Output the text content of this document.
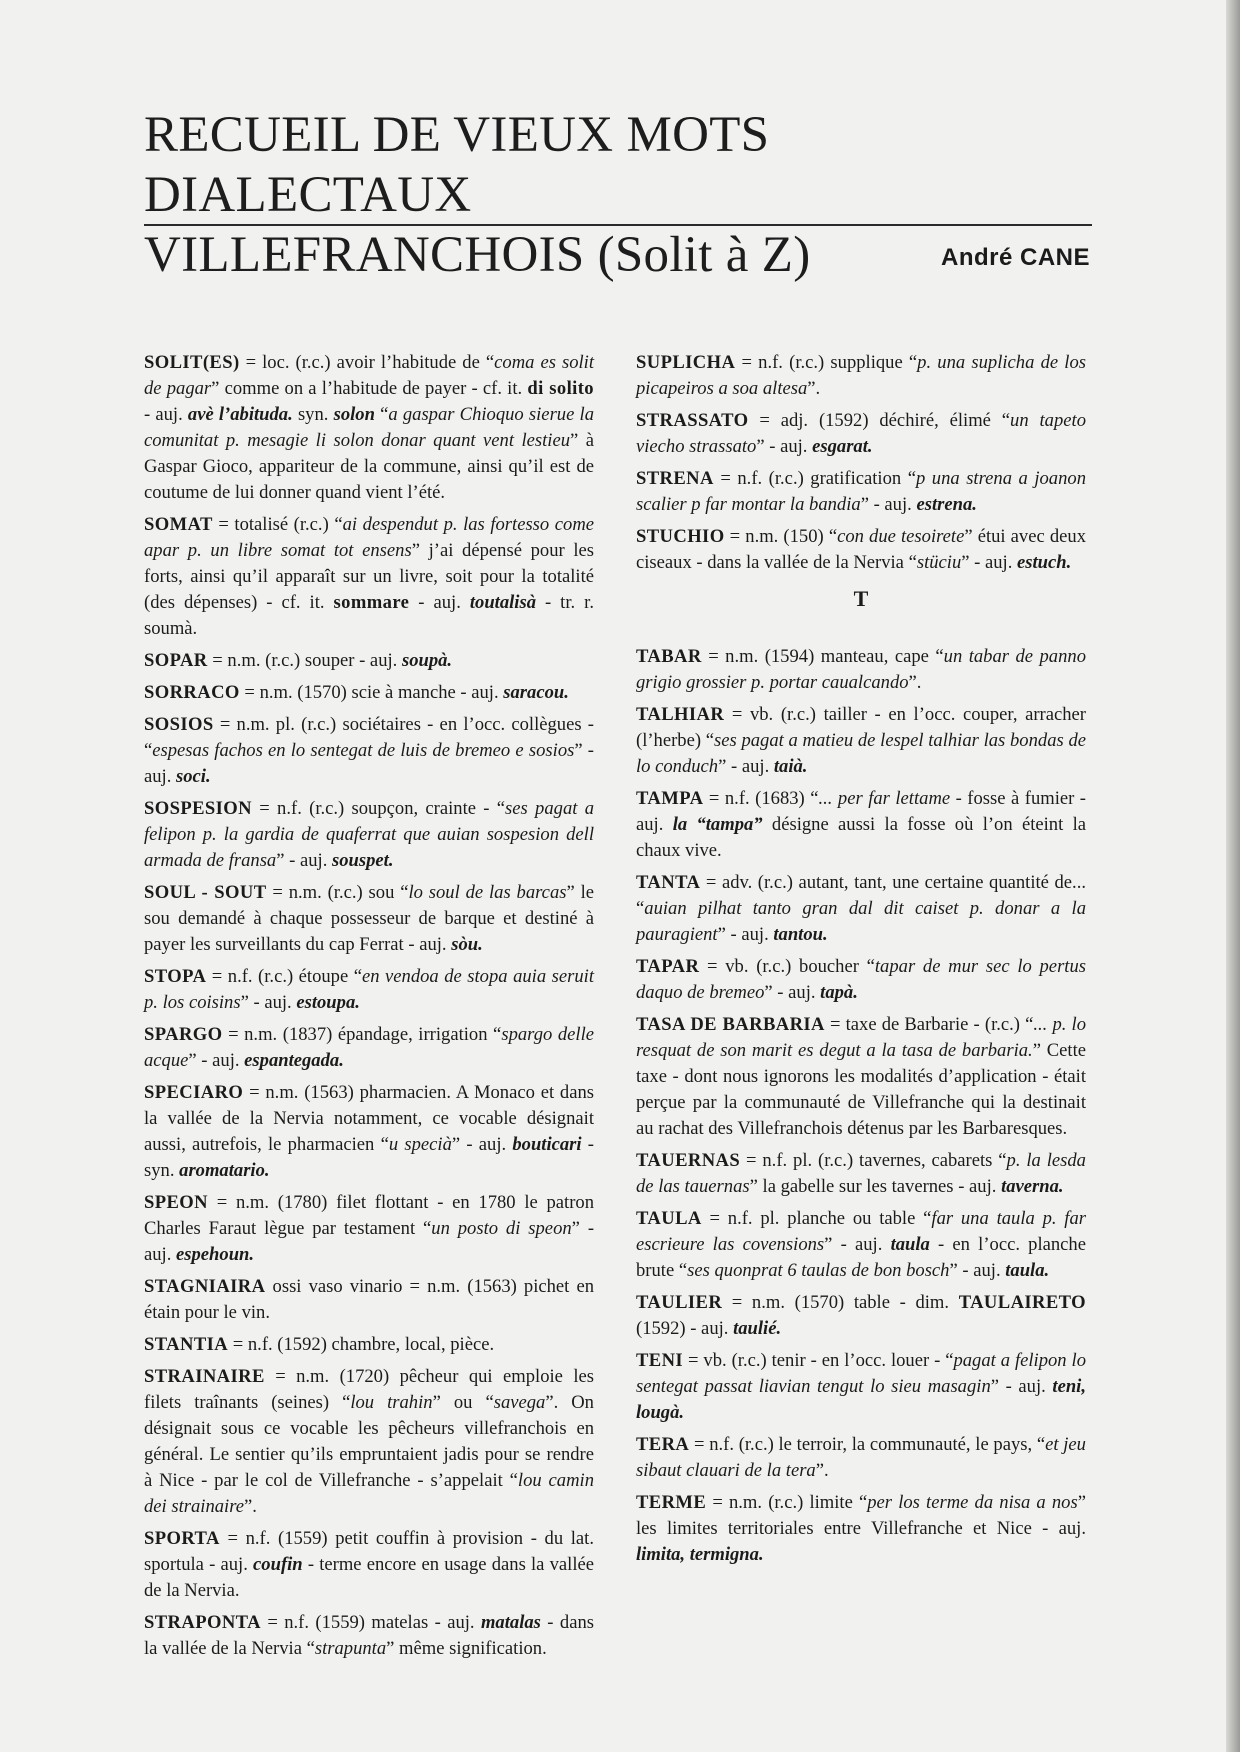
RECUEIL DE VIEUX MOTS DIALECTAUX
VILLEFRANCHOIS (Solit à Z)	André CANE

SOLIT(ES) = loc. (r.c.) avoir l’habitude de “coma es solit de pagar” comme on a l’habitude de payer - cf. it. di solito - auj. avè l’abituda. syn. solon “a gaspar Chioquo sierue la comunitat p. mesagie li solon donar quant vent lestieu” à Gaspar Gioco, appariteur de la commune, ainsi qu’il est de coutume de lui donner quand vient l’été.

SOMAT = totalisé (r.c.) “ai despendut p. las fortesso come apar p. un libre somat tot ensens” j’ai dépensé pour les forts, ainsi qu’il apparaît sur un livre, soit pour la totalité (des dépenses) - cf. it. sommare - auj. toutalisà - tr. r. soumà.

SOPAR = n.m. (r.c.) souper - auj. soupà.

SORRACO = n.m. (1570) scie à manche - auj. saracou.

SOSIOS = n.m. pl. (r.c.) sociétaires - en l’occ. collègues - “espesas fachos en lo sentegat de luis de bremeo e sosios” - auj. soci.

SOSPESION = n.f. (r.c.) soupçon, crainte - “ses pagat a felipon p. la gardia de quaferrat que auian sospesion dell armada de fransa” - auj. souspet.

SOUL - SOUT = n.m. (r.c.) sou “lo soul de las barcas” le sou demandé à chaque possesseur de barque et destiné à payer les surveillants du cap Ferrat - auj. sòu.

STOPA = n.f. (r.c.) étoupe “en vendoa de stopa auia seruit p. los coisins” - auj. estoupa.

SPARGO = n.m. (1837) épandage, irrigation “spargo delle acque” - auj. espantegada.

SPECIARO = n.m. (1563) pharmacien. A Monaco et dans la vallée de la Nervia notamment, ce vocable désignait aussi, autrefois, le pharmacien “u specià” - auj. bouticari - syn. aromatario.

SPEON = n.m. (1780) filet flottant - en 1780 le patron Charles Faraut lègue par testament “un posto di speon” - auj. espehoun.

STAGNIAIRA ossi vaso vinario = n.m. (1563) pichet en étain pour le vin.

STANTIA = n.f. (1592) chambre, local, pièce.

STRAINAIRE = n.m. (1720) pêcheur qui emploie les filets traînants (seines) “lou trahin” ou “savega”. On désignait sous ce vocable les pêcheurs villefranchois en général. Le sentier qu’ils empruntaient jadis pour se rendre à Nice - par le col de Villefranche - s’appelait “lou camin dei strainaire”.

SPORTA = n.f. (1559) petit couffin à provision - du lat. sportula - auj. coufin - terme encore en usage dans la vallée de la Nervia.

STRAPONTA = n.f. (1559) matelas - auj. matalas - dans la vallée de la Nervia “strapunta” même signification.

SUPLICHA = n.f. (r.c.) supplique “p. una suplicha de los picapeiros a soa altesa”.

STRASSATO = adj. (1592) déchiré, élimé “un tapeto viecho strassato” - auj. esgarat.

STRENA = n.f. (r.c.) gratification “p una strena a joanon scalier p far montar la bandia” - auj. estrena.

STUCHIO = n.m. (150) “con due tesoirete” étui avec deux ciseaux - dans la vallée de la Nervia “stüciu” - auj. estuch.

T

TABAR = n.m. (1594) manteau, cape “un tabar de panno grigio grossier p. portar caualcando”.

TALHIAR = vb. (r.c.) tailler - en l’occ. couper, arracher (l’herbe) “ses pagat a matieu de lespel talhiar las bondas de lo conduch” - auj. taià.

TAMPA = n.f. (1683) “... per far lettame - fosse à fumier - auj. la “tampa” désigne aussi la fosse où l’on éteint la chaux vive.

TANTA = adv. (r.c.) autant, tant, une certaine quantité de... “auian pilhat tanto gran dal dit caiset p. donar a la pauragient” - auj. tantou.

TAPAR = vb. (r.c.) boucher “tapar de mur sec lo pertus daquo de bremeo” - auj. tapà.

TASA DE BARBARIA = taxe de Barbarie - (r.c.) “... p. lo resquat de son marit es degut a la tasa de barbaria.” Cette taxe - dont nous ignorons les modalités d’application - était perçue par la communauté de Villefranche qui la destinait au rachat des Villefranchois détenus par les Barbaresques.

TAUERNAS = n.f. pl. (r.c.) tavernes, cabarets “p. la lesda de las tauernas” la gabelle sur les tavernes - auj. taverna.

TAULA = n.f. pl. planche ou table “far una taula p. far escrieure las covensions” - auj. taula - en l’occ. planche brute “ses quonprat 6 taulas de bon bosch” - auj. taula.

TAULIER = n.m. (1570) table - dim. TAULAIRETO (1592) - auj. taulié.

TENI = vb. (r.c.) tenir - en l’occ. louer - “pagat a felipon lo sentegat passat liavian tengut lo sieu masagin” - auj. teni, lougà.

TERA = n.f. (r.c.) le terroir, la communauté, le pays, “et jeu sibaut clauari de la tera”.

TERME = n.m. (r.c.) limite “per los terme da nisa a nos” les limites territoriales entre Villefranche et Nice - auj. limita, termigna.
